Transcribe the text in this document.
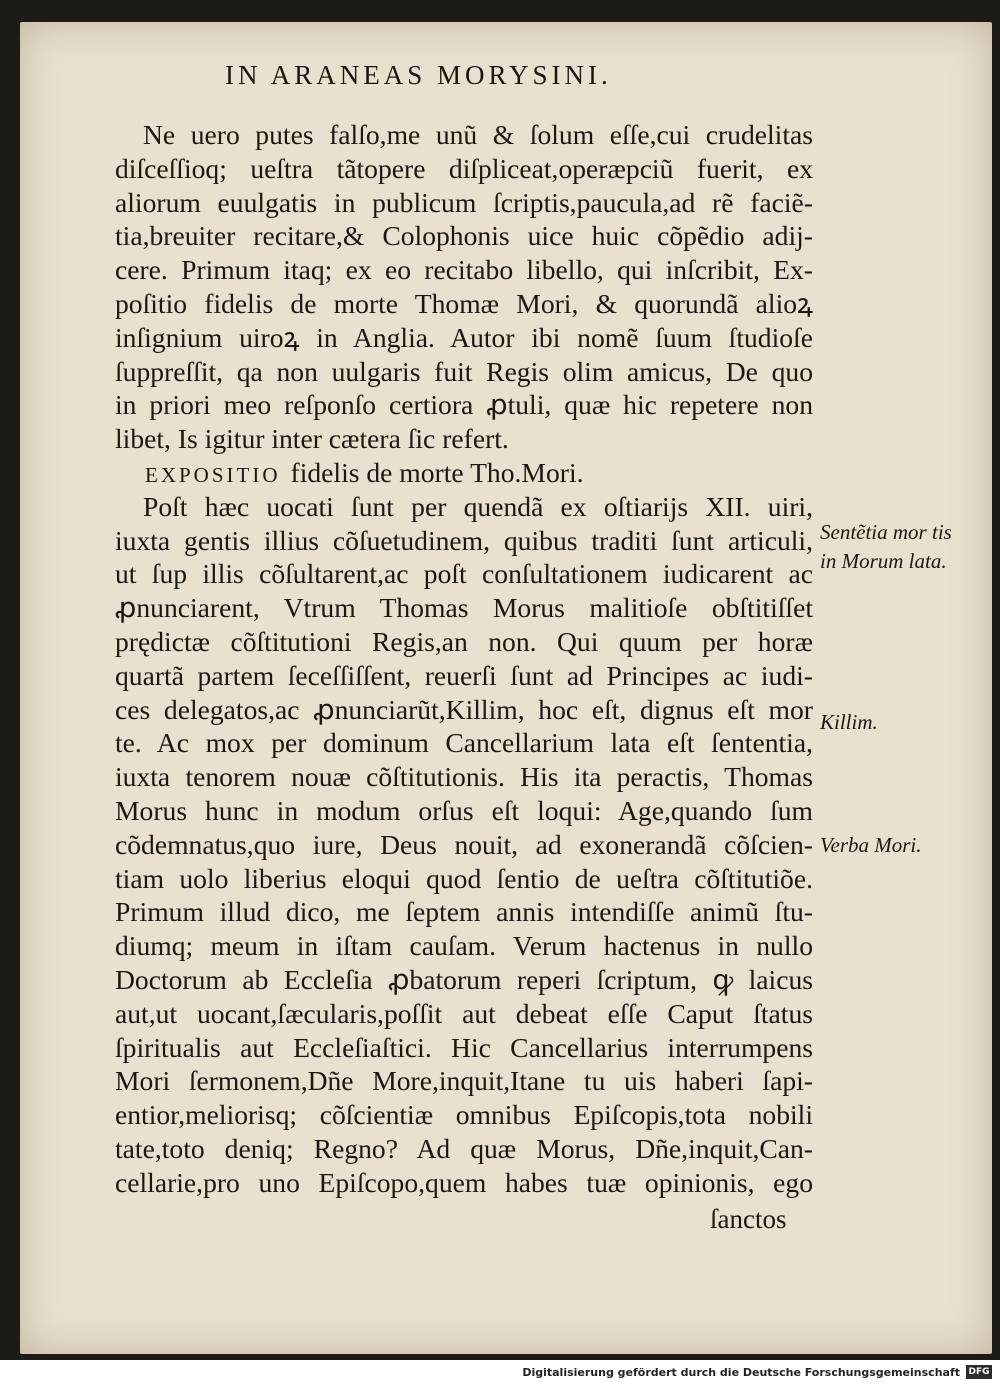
IN ARANEAS MORYSINI.
Ne uero putes falſo,me unũ & ſolum eſſe,cui crudelitas
diſceſſioq; ueſtra tãtopere diſpliceat,operæpciũ fuerit, ex
aliorum euulgatis in publicum ſcriptis,paucula,ad rẽ faciẽ-
tia,breuiter recitare,& Colophonis uice huic cõpẽdio adij-
cere. Primum itaq; ex eo recitabo libello, qui inſcribit, Ex-
poſitio fidelis de morte Thomæ Mori, & quorundã alioꝝ
inſignium uiroꝝ in Anglia. Autor ibi nomẽ ſuum ſtudioſe
ſuppreſſit, qa non uulgaris fuit Regis olim amicus, De quo
in priori meo reſponſo certiora ꝓtuli, quæ hic repetere non
libet, Is igitur inter cætera ſic refert.
EXPOSITIO fidelis de morte Tho.Mori.
Poſt hæc uocati ſunt per quendã ex oſtiarijs XII. uiri,
iuxta gentis illius cõſuetudinem, quibus traditi ſunt articuli,
ut ſup illis cõſultarent,ac poſt conſultationem iudicarent ac
ꝓnunciarent, Vtrum Thomas Morus malitioſe obſtitiſſet
prędictæ cõſtitutioni Regis,an non. Qui quum per horæ
quartã partem ſeceſſiſſent, reuerſi ſunt ad Principes ac iudi-
ces delegatos,ac ꝓnunciarũt,Killim, hoc eſt, dignus eſt mor
te. Ac mox per dominum Cancellarium lata eſt ſententia,
iuxta tenorem nouæ cõſtitutionis. His ita peractis, Thomas
Morus hunc in modum orſus eſt loqui: Age,quando ſum
cõdemnatus,quo iure, Deus nouit, ad exonerandã cõſcien-
tiam uolo liberius eloqui quod ſentio de ueſtra cõſtitutiõe.
Primum illud dico, me ſeptem annis intendiſſe animũ ſtu-
diumq; meum in iſtam cauſam. Verum hactenus in nullo
Doctorum ab Eccleſia ꝓbatorum reperi ſcriptum, ꝙ laicus
aut,ut uocant,ſæcularis,poſſit aut debeat eſſe Caput ſtatus
ſpiritualis aut Eccleſiaſtici. Hic Cancellarius interrumpens
Mori ſermonem,Dñe More,inquit,Itane tu uis haberi ſapi-
entior,meliorisq; cõſcientiæ omnibus Epiſcopis,tota nobili
tate,toto deniq; Regno? Ad quæ Morus, Dñe,inquit,Can-
cellarie,pro uno Epiſcopo,quem habes tuæ opinionis, ego
ſanctos
Sentẽtia mor tis in Morum lata.
Killim.
Verba Mori.
Digitalisierung gefördert durch die Deutsche Forschungsgemeinschaft DFG
